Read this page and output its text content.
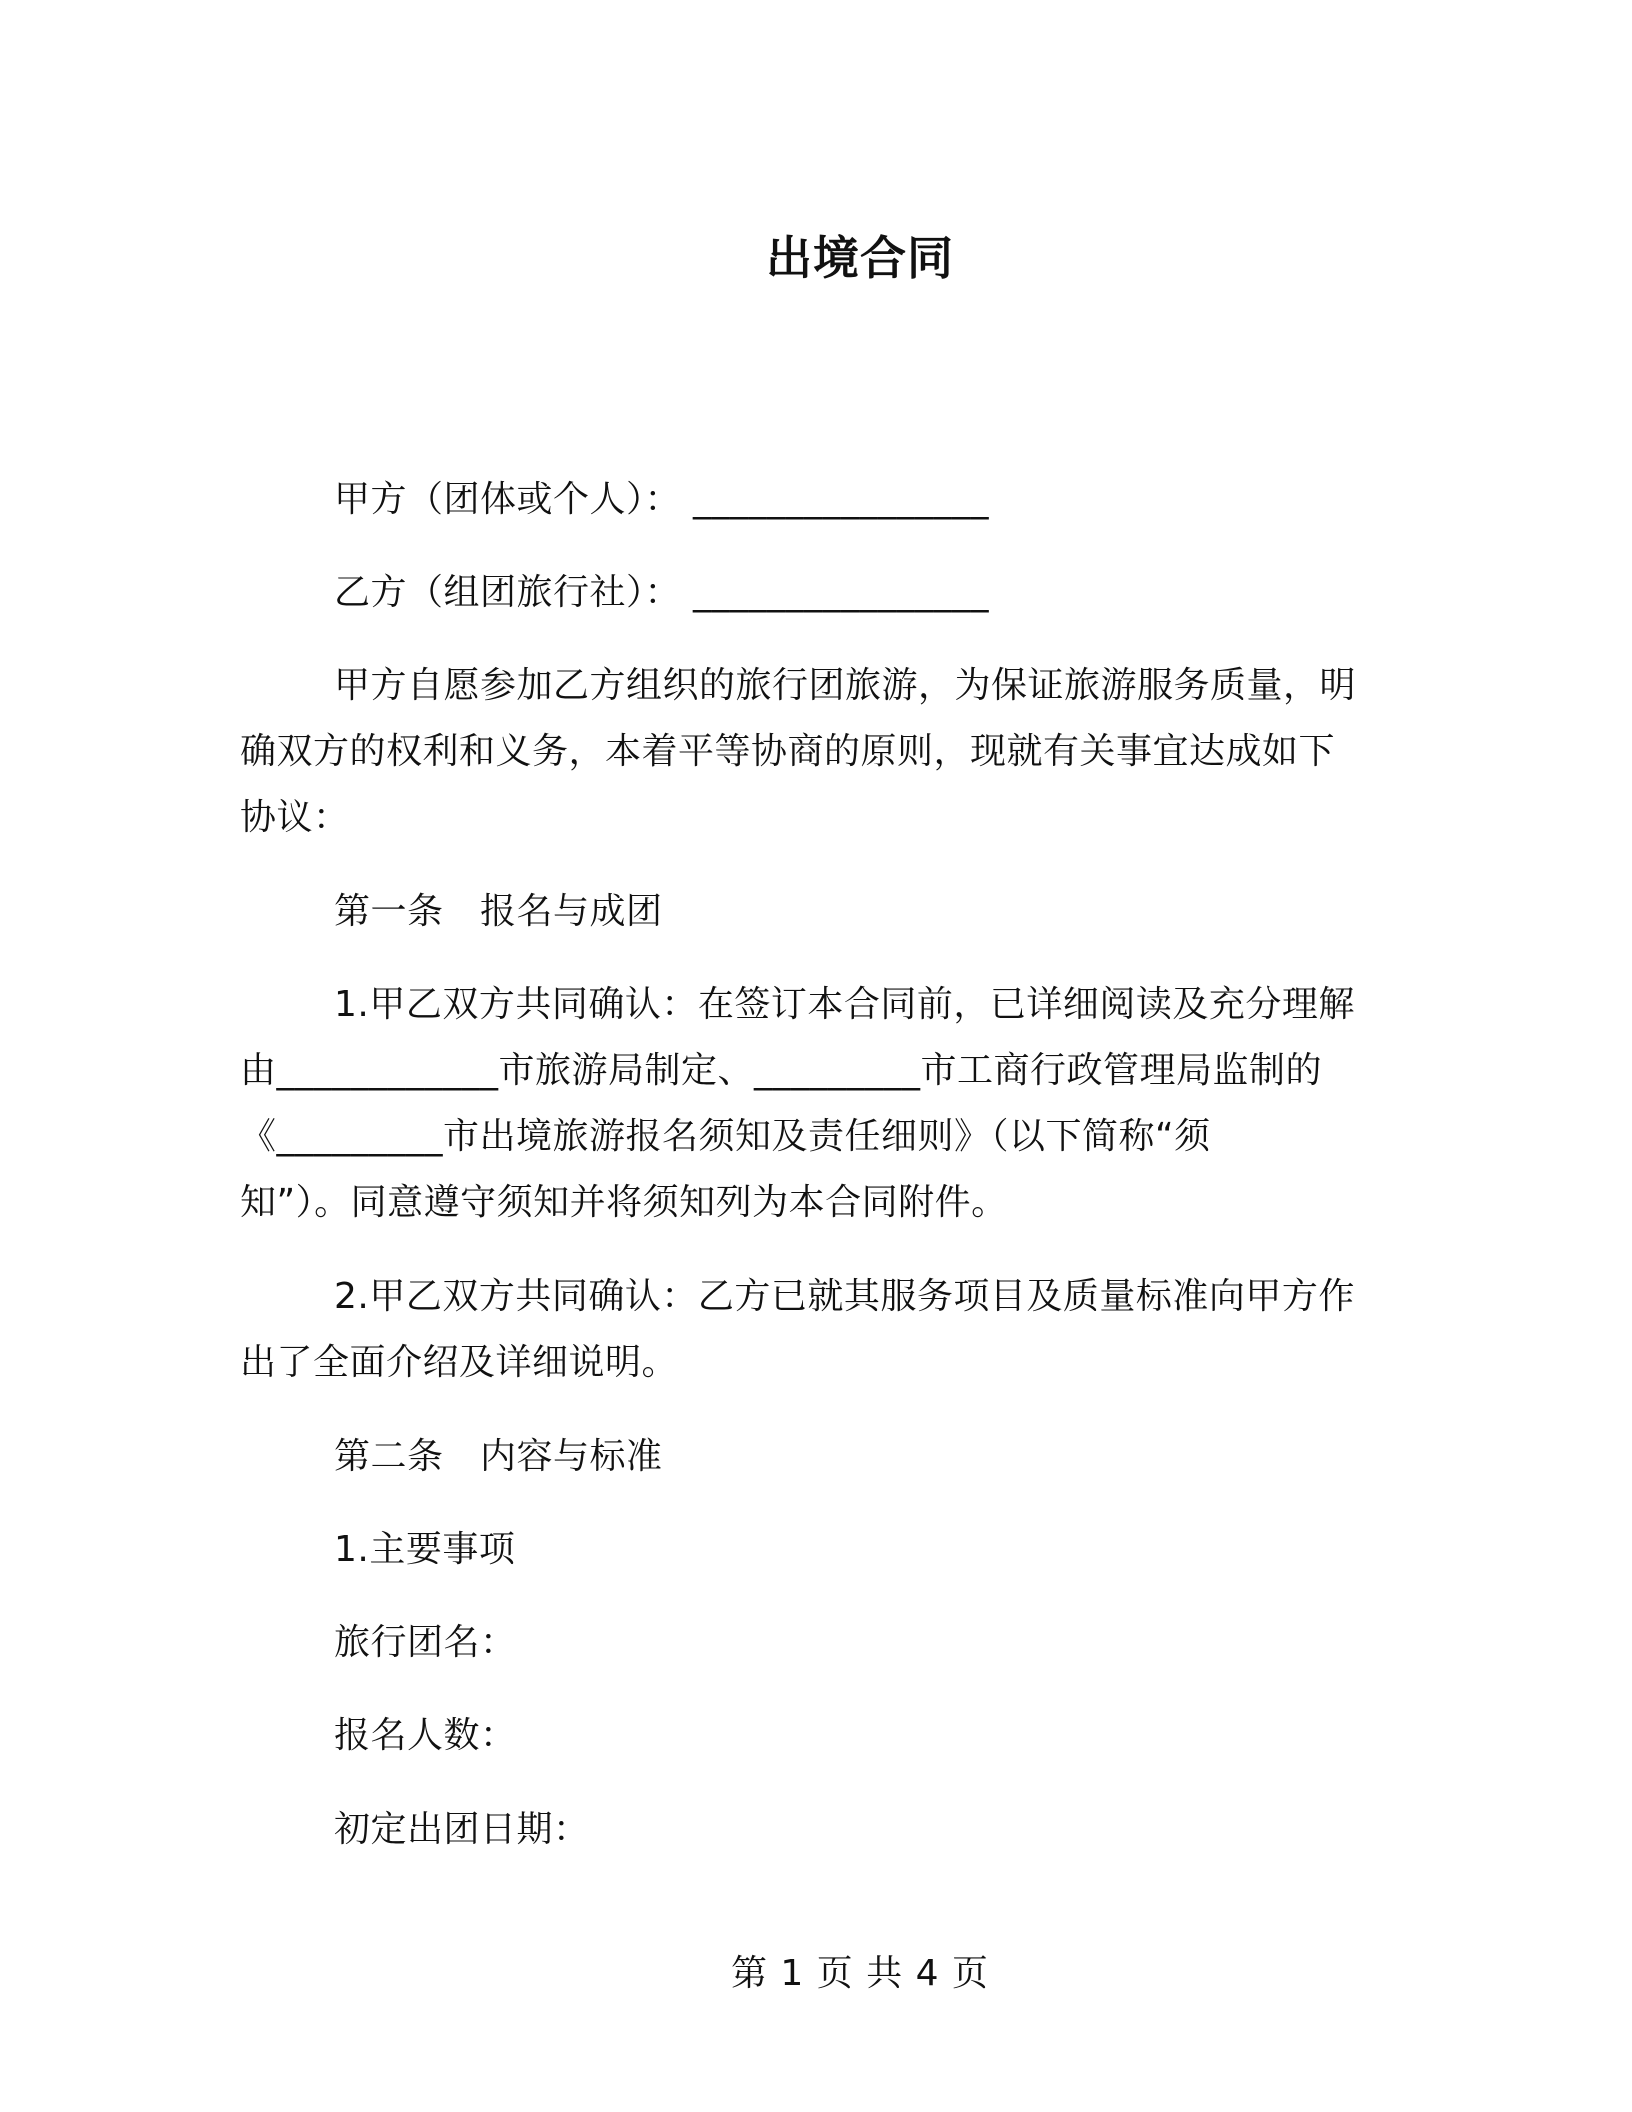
出境合同
甲方（团体或个人）： ________________
乙方（组团旅行社）： ________________
甲方自愿参加乙方组织的旅行团旅游，为保证旅游服务质量，明
确双方的权利和义务，本着平等协商的原则，现就有关事宜达成如下
协议：
第一条　报名与成团
1.甲乙双方共同确认：在签订本合同前，已详细阅读及充分理解
由____________市旅游局制定、_________市工商行政管理局监制的
《_________市出境旅游报名须知及责任细则》（以下简称“须
知”）。同意遵守须知并将须知列为本合同附件。
2.甲乙双方共同确认：乙方已就其服务项目及质量标准向甲方作
出了全面介绍及详细说明。
第二条　内容与标准
1.主要事项
旅行团名：
报名人数：
初定出团日期：
第 1 页 共 4 页
